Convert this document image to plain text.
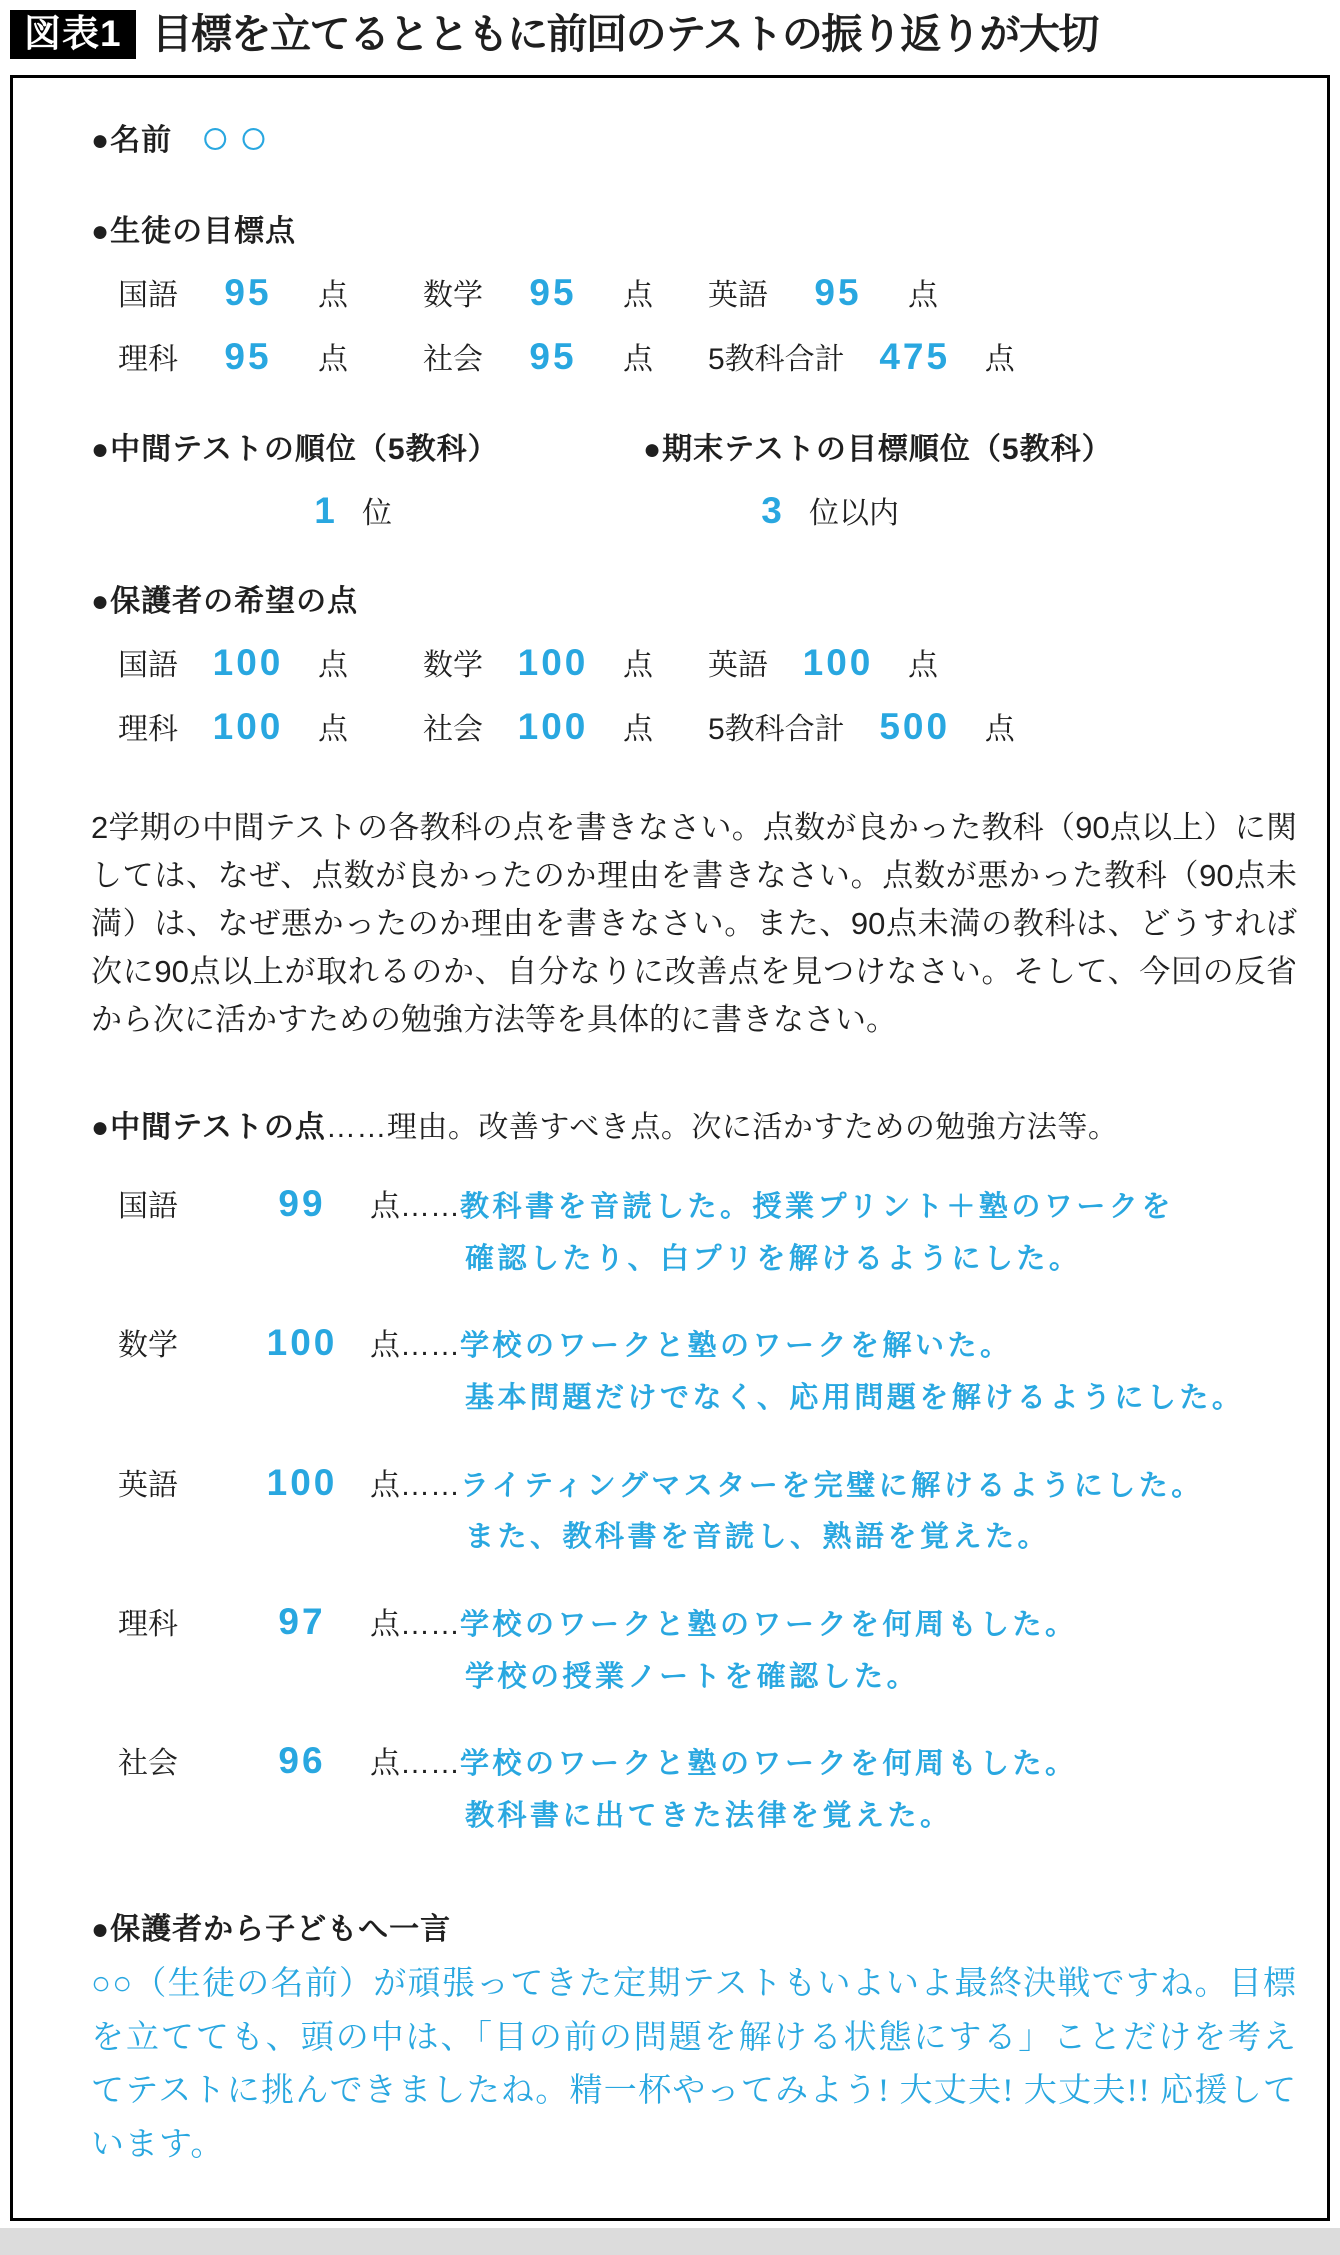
図表1 目標を立てるとともに前回のテストの振り返りが大切
●名前 ○○
●生徒の目標点
国語	95	点	数学	95	点 英語	95	点
理科	95	点	社会	95	点 5教科合計 475	点
●中間テストの順位（5教科）
1 位
●期末テストの目標順位（5教科）
3 位以内
●保護者の希望の点
国語 100	点	数学 100	点 英語 100	点
理科 100	点	社会 100	点 5教科合計 500	点

2学期の中間テストの各教科の点を書きなさい。点数が良かった教科（90点以上）に関しては、なぜ、点数が良かったのか理由を書きなさい。点数が悪かった教科（90点未満）は、なぜ悪かったのか理由を書きなさい。また、90点未満の教科は、どうすれば次に90点以上が取れるのか、自分なりに改善点を見つけなさい。そして、今回の反省から次に活かすための勉強方法等を具体的に書きなさい。

●中間テストの点……理由。改善すべき点。次に活かすための勉強方法等。
国語	99	点……教科書を音読した。授業プリント＋塾のワークを
確認したり、白プリを解けるようにした。
数学	100	点……学校のワークと塾のワークを解いた。
基本問題だけでなく、応用問題を解けるようにした。
英語	100	点……ライティングマスターを完璧に解けるようにした。
また、教科書を音読し、熟語を覚えた。
理科	97	点……学校のワークと塾のワークを何周もした。
学校の授業ノートを確認した。
社会	96	点……学校のワークと塾のワークを何周もした。
教科書に出てきた法律を覚えた。
●保護者から子どもへ一言

○○（生徒の名前）が頑張ってきた定期テストもいよいよ最終決戦ですね。目標を立てても、頭の中は、「目の前の問題を解ける状態にする」ことだけを考えてテストに挑んできましたね。精一杯やってみよう! 大丈夫! 大丈夫!! 応援しています。
